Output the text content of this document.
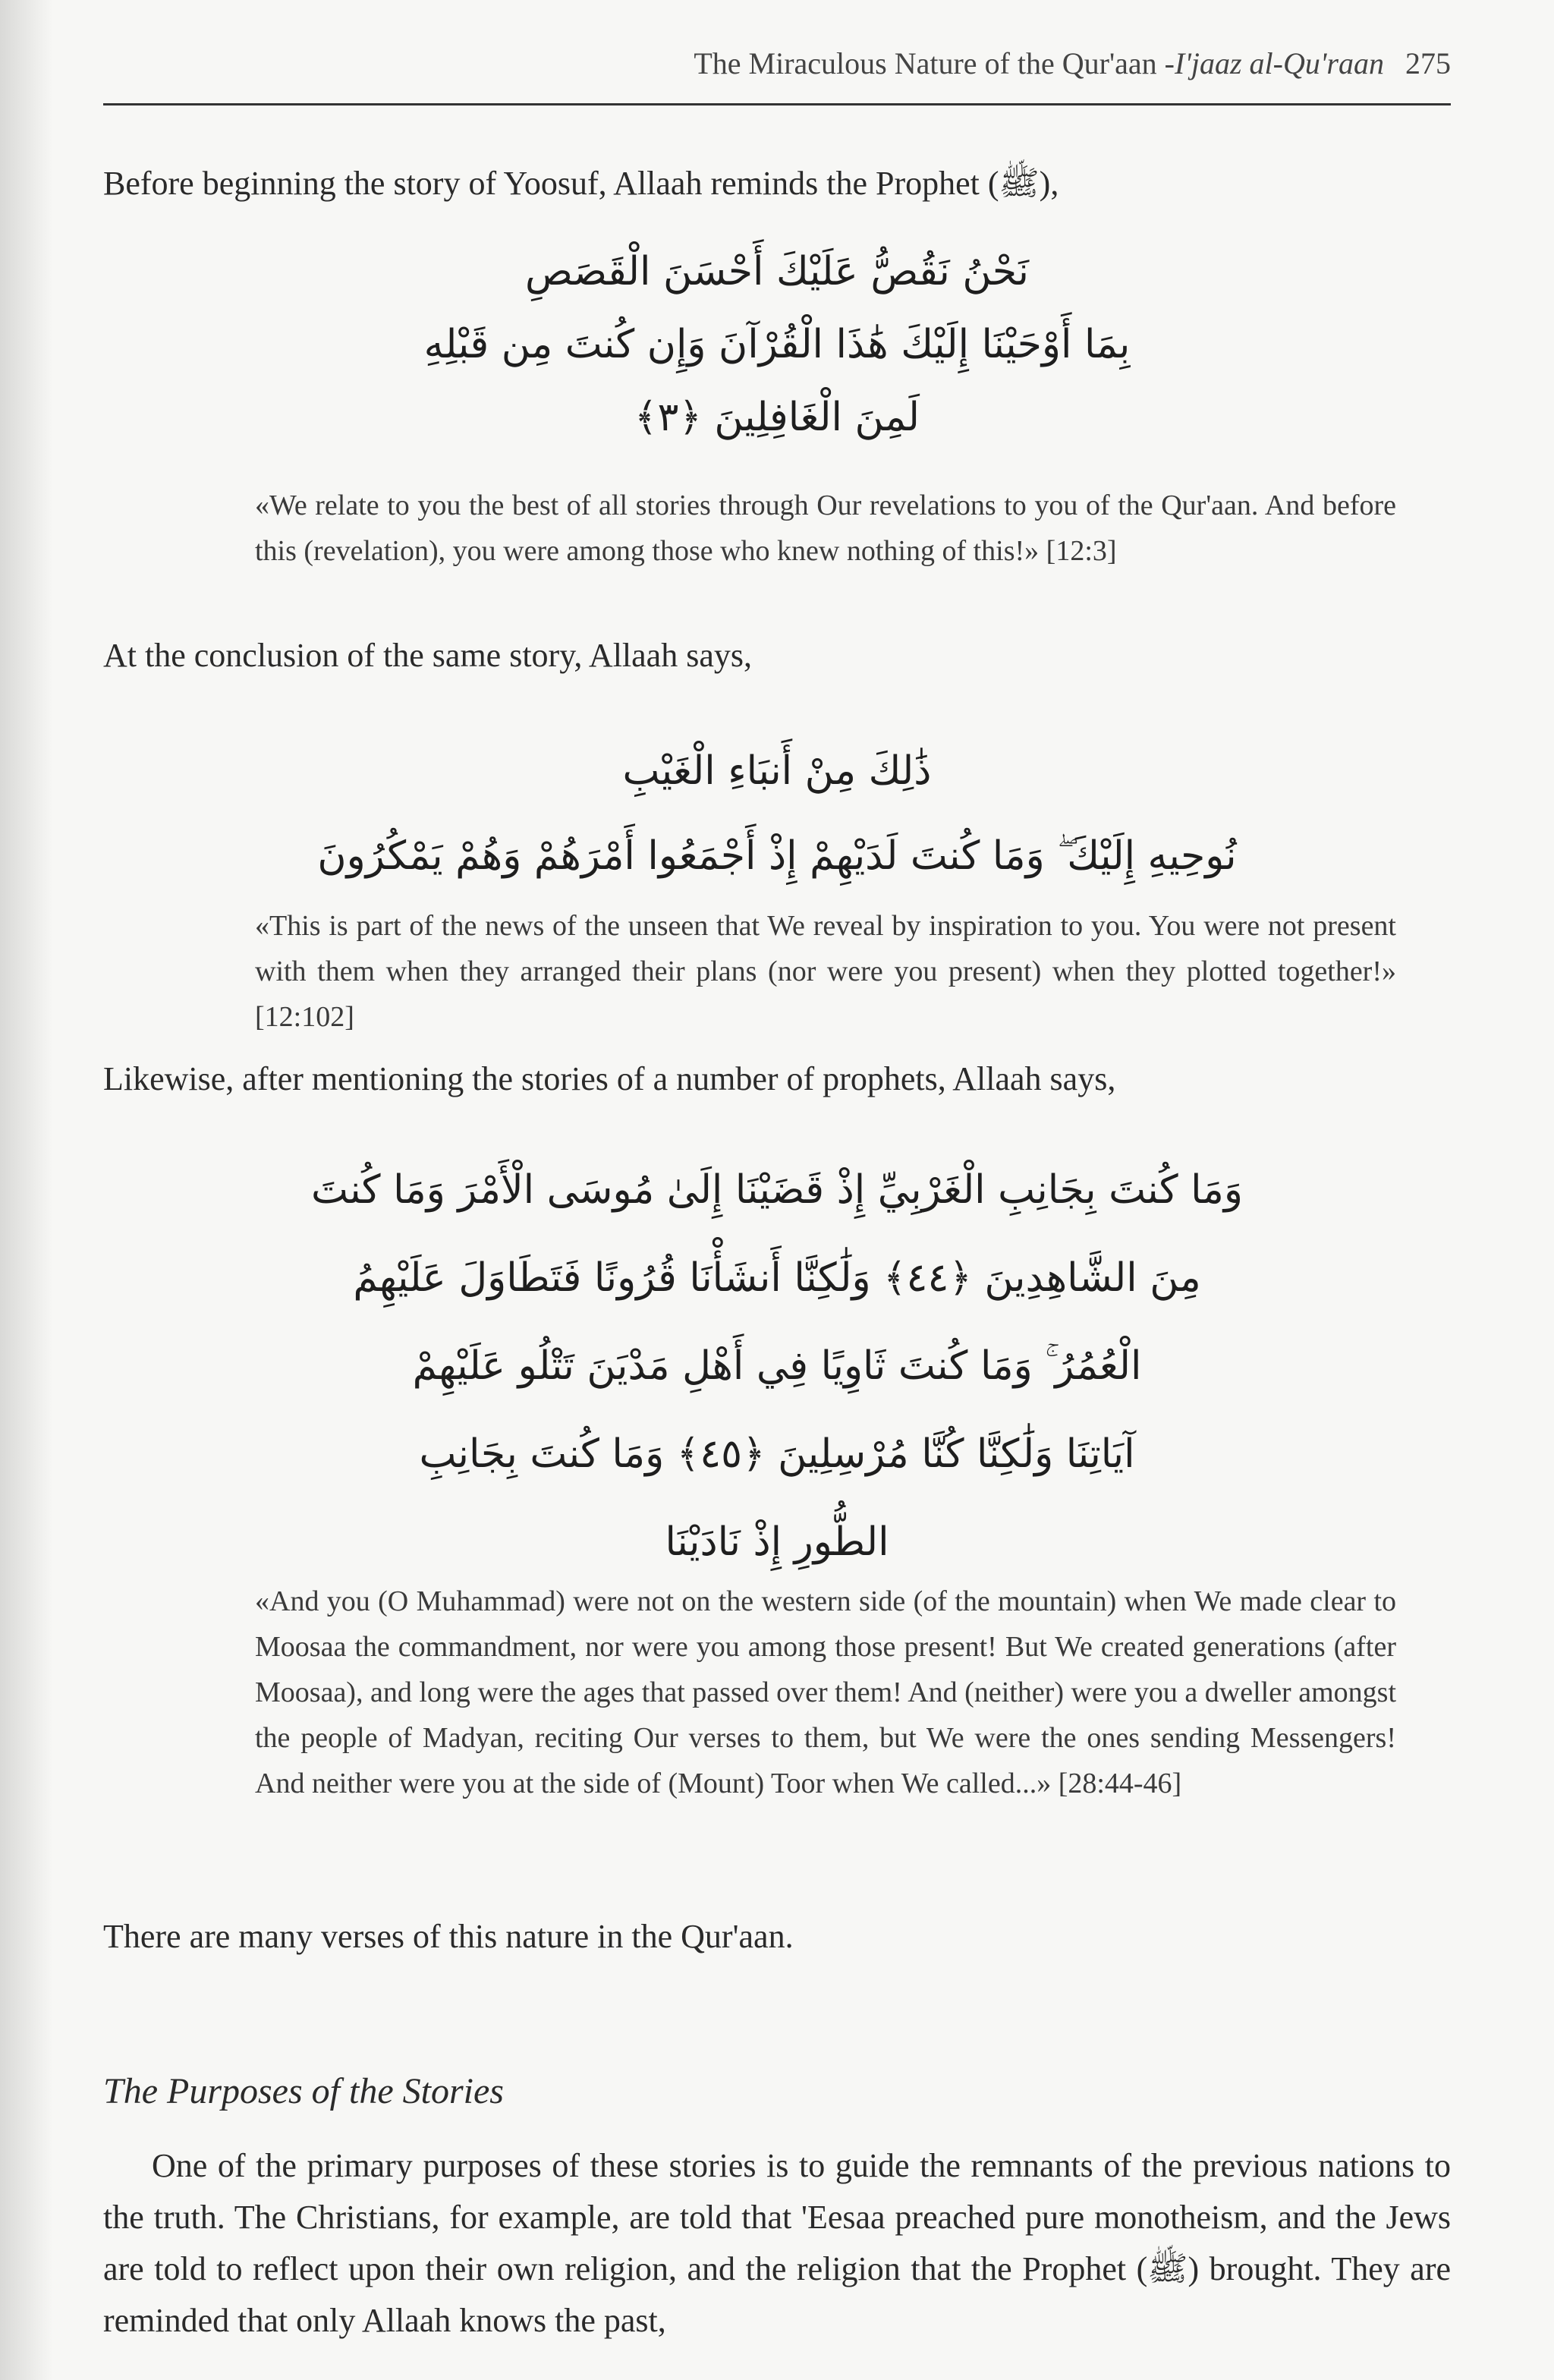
The Miraculous Nature of the Qur'aan - I'jaaz al-Qu'raan 275

Before beginning the story of Yoosuf, Allaah reminds the Prophet (ﷺ),

نَحْنُ نَقُصُّ عَلَيْكَ أَحْسَنَ الْقَصَصِ
بِمَا أَوْحَيْنَا إِلَيْكَ هَٰذَا الْقُرْآنَ وَإِن كُنتَ مِن قَبْلِهِ
لَمِنَ الْغَافِلِينَ ﴿٣﴾
«We relate to you the best of all stories through Our revelations to you of the Qur'aan. And before this (revelation), you were among those who knew nothing of this!» [12:3]

At the conclusion of the same story, Allaah says,

ذَٰلِكَ مِنْ أَنبَاءِ الْغَيْبِ
نُوحِيهِ إِلَيْكَ ۖ وَمَا كُنتَ لَدَيْهِمْ إِذْ أَجْمَعُوا أَمْرَهُمْ وَهُمْ يَمْكُرُونَ
«This is part of the news of the unseen that We reveal by inspiration to you. You were not present with them when they arranged their plans (nor were you present) when they plotted together!» [12:102]

Likewise, after mentioning the stories of a number of prophets, Allaah says,

وَمَا كُنتَ بِجَانِبِ الْغَرْبِيِّ إِذْ قَضَيْنَا إِلَىٰ مُوسَى الْأَمْرَ وَمَا كُنتَ
مِنَ الشَّاهِدِينَ ﴿٤٤﴾ وَلَٰكِنَّا أَنشَأْنَا قُرُونًا فَتَطَاوَلَ عَلَيْهِمُ
الْعُمُرُ ۚ وَمَا كُنتَ ثَاوِيًا فِي أَهْلِ مَدْيَنَ تَتْلُو عَلَيْهِمْ
آيَاتِنَا وَلَٰكِنَّا كُنَّا مُرْسِلِينَ ﴿٤٥﴾ وَمَا كُنتَ بِجَانِبِ
الطُّورِ إِذْ نَادَيْنَا
«And you (O Muhammad) were not on the western side (of the mountain) when We made clear to Moosaa the commandment, nor were you among those present! But We created generations (after Moosaa), and long were the ages that passed over them! And (neither) were you a dweller amongst the people of Madyan, reciting Our verses to them, but We were the ones sending Messengers! And neither were you at the side of (Mount) Toor when We called...» [28:44-46]

There are many verses of this nature in the Qur'aan.

The Purposes of the Stories

One of the primary purposes of these stories is to guide the remnants of the previous nations to the truth. The Christians, for example, are told that 'Eesaa preached pure monotheism, and the Jews are told to reflect upon their own religion, and the religion that the Prophet (ﷺ) brought. They are reminded that only Allaah knows the past,
